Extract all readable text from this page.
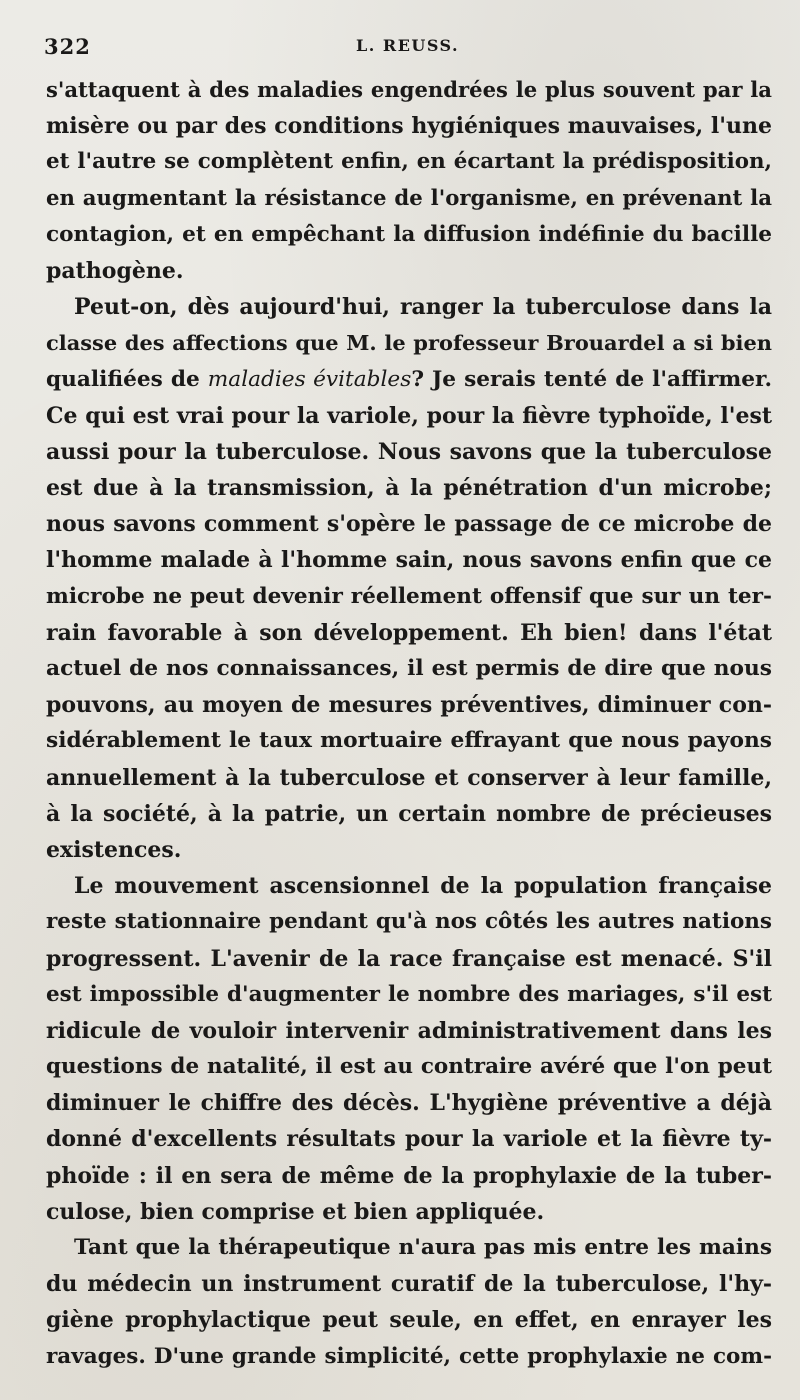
322	L. REUSS.
s'attaquent à des maladies engendrées le plus souvent par la
misère ou par des conditions hygiéniques mauvaises, l'une
et l'autre se complètent enfin, en écartant la prédisposition,
en augmentant la résistance de l'organisme, en prévenant la
contagion, et en empêchant la diffusion indéfinie du bacille
pathogène.
Peut-on, dès aujourd'hui, ranger la tuberculose dans la
classe des affections que M. le professeur Brouardel a si bien
qualifiées de maladies évitables? Je serais tenté de l'affirmer.
Ce qui est vrai pour la variole, pour la fièvre typhoïde, l'est
aussi pour la tuberculose. Nous savons que la tuberculose
est due à la transmission, à la pénétration d'un microbe;
nous savons comment s'opère le passage de ce microbe de
l'homme malade à l'homme sain, nous savons enfin que ce
microbe ne peut devenir réellement offensif que sur un ter-
rain favorable à son développement. Eh bien! dans l'état
actuel de nos connaissances, il est permis de dire que nous
pouvons, au moyen de mesures préventives, diminuer con-
sidérablement le taux mortuaire effrayant que nous payons
annuellement à la tuberculose et conserver à leur famille,
à la société, à la patrie, un certain nombre de précieuses
existences.
Le mouvement ascensionnel de la population française
reste stationnaire pendant qu'à nos côtés les autres nations
progressent. L'avenir de la race française est menacé. S'il
est impossible d'augmenter le nombre des mariages, s'il est
ridicule de vouloir intervenir administrativement dans les
questions de natalité, il est au contraire avéré que l'on peut
diminuer le chiffre des décès. L'hygiène préventive a déjà
donné d'excellents résultats pour la variole et la fièvre ty-
phoïde : il en sera de même de la prophylaxie de la tuber-
culose, bien comprise et bien appliquée.
Tant que la thérapeutique n'aura pas mis entre les mains
du médecin un instrument curatif de la tuberculose, l'hy-
giène prophylactique peut seule, en effet, en enrayer les
ravages. D'une grande simplicité, cette prophylaxie ne com-
